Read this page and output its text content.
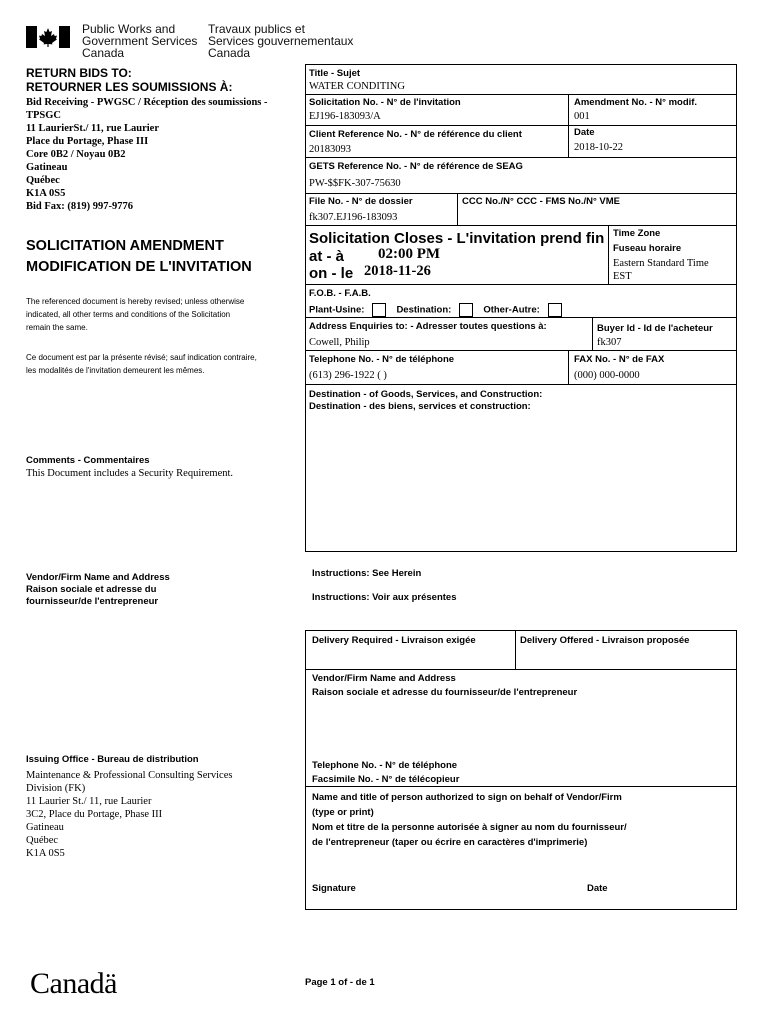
Public Works and
Government Services
Canada
Travaux publics et
Services gouvernementaux
Canada
RETURN BIDS TO:
RETOURNER LES SOUMISSIONS À:
Bid Receiving - PWGSC / Réception des soumissions -
TPSGC
11 LaurierSt./ 11, rue Laurier
Place du Portage, Phase III
Core 0B2 / Noyau 0B2
Gatineau
Québec
K1A 0S5
Bid Fax: (819) 997-9776
SOLICITATION AMENDMENT
MODIFICATION DE L'INVITATION
The referenced document is hereby revised; unless otherwise
indicated, all other terms and conditions of the Solicitation
remain the same.
Ce document est par la présente révisé; sauf indication contraire,
les modalités de l'invitation demeurent les mêmes.
Comments - Commentaires
This Document includes a Security Requirement.
Vendor/Firm Name and Address
Raison sociale et adresse du
fournisseur/de l'entrepreneur
Issuing Office - Bureau de distribution
Maintenance & Professional Consulting Services
Division (FK)
11 Laurier St./ 11, rue Laurier
3C2, Place du Portage, Phase III
Gatineau
Québec
K1A 0S5
Title - Sujet
WATER CONDITING
Solicitation No. - N° de l'invitation
EJ196-183093/A
Amendment No. - N° modif.
001
Client Reference No. - N° de référence du client
20183093
Date
2018-10-22
GETS Reference No. - N° de référence de SEAG
PW-$$FK-307-75630
File No. - N° de dossier
fk307.EJ196-183093
CCC No./N° CCC - FMS No./N° VME
Solicitation Closes - L'invitation prend fin
at - à 02:00 PM
on - le 2018-11-26
Time Zone
Fuseau horaire
Eastern Standard Time
EST
F.O.B. - F.A.B.
Plant-Usine:	Destination:	Other-Autre:
Address Enquiries to: - Adresser toutes questions à:
Cowell, Philip
Buyer Id - Id de l'acheteur
fk307
Telephone No. - N° de téléphone
(613) 296-1922 ( )
FAX No. - N° de FAX
(000) 000-0000
Destination - of Goods, Services, and Construction:
Destination - des biens, services et construction:
Instructions: See Herein
Instructions: Voir aux présentes
Delivery Required - Livraison exigée	Delivery Offered - Livraison proposée
Vendor/Firm Name and Address
Raison sociale et adresse du fournisseur/de l'entrepreneur
Telephone No. - N° de téléphone
Facsimile No. - N° de télécopieur
Name and title of person authorized to sign on behalf of Vendor/Firm
(type or print)
Nom et titre de la personne autorisée à signer au nom du fournisseur/
de l'entrepreneur (taper ou écrire en caractères d'imprimerie)
Signature	Date
Canadä	Page 1 of - de 1
